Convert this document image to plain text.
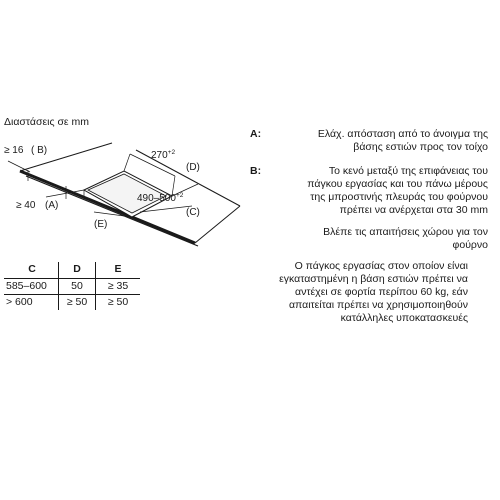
Διαστάσεις σε mm
≥ 16 ( B)	$270^{+2}$
(D)
$490-500^{+2}$
(C)
≥ 40 (A)
(E)
A:	Ελάχ. απόσταση από το άνοιγμα της
βάσης εστιών προς τον τοίχο
B:	Το κενό μεταξύ της επιφάνειας του
πάγκου εργασίας και του πάνω μέρους
της μπροστινής πλευράς του φούρνου
πρέπει να ανέρχεται στα 30 mm
Βλέπε τις απαιτήσεις χώρου για τον
φούρνο
C	D	E
585–600	50	≥ 35
> 600	≥ 50	≥ 50
Ο πάγκος εργασίας στον οποίον είναι
εγκαταστημένη η βάση εστιών πρέπει να
αντέχει σε φορτία περίπου 60 kg, εάν
απαιτείται πρέπει να χρησιμοποιηθούν
κατάλληλες υποκατασκευές
